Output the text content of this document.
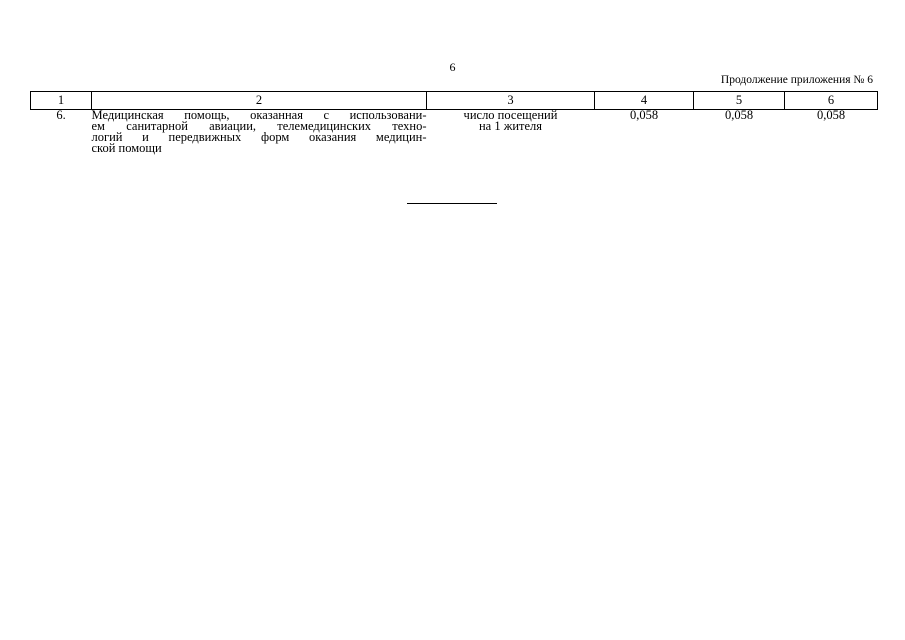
6
Продолжение приложения № 6
1	2	3	4	5	6
6.	Медицинская помощь, оказанная с использовани-
ем санитарной авиации, телемедицинских техно-
логий и передвижных форм оказания медицин-
ской помощи	число посещений
на 1 жителя	0,058	0,058	0,058
